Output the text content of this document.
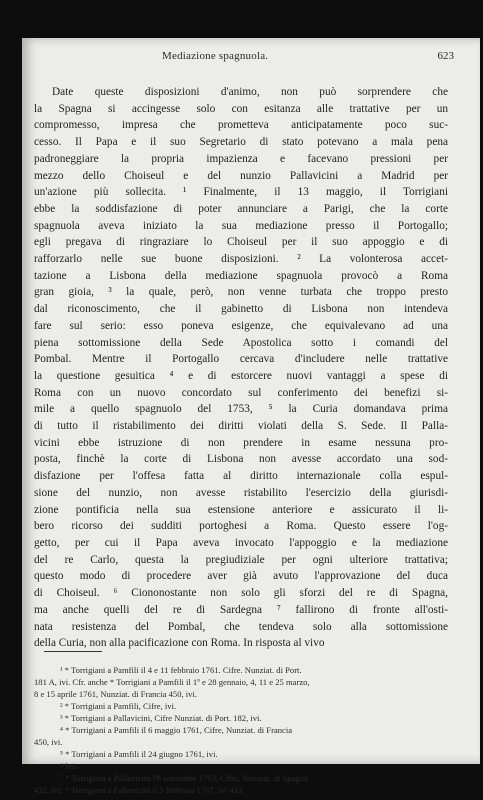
Mediazione spagnuola.	623
Date queste disposizioni d'animo, non può sorprendere che
la Spagna si accingesse solo con esitanza alle trattative per un
compromesso, impresa che prometteva anticipatamente poco suc-
cesso. Il Papa e il suo Segretario di stato potevano a mala pena
padroneggiare la propria impazienza e facevano pressioni per
mezzo dello Choiseul e del nunzio Pallavicini a Madrid per
un'azione più sollecita. ¹ Finalmente, il 13 maggio, il Torrigiani
ebbe la soddisfazione di poter annunciare a Parigi, che la corte
spagnuola aveva iniziato la sua mediazione presso il Portogallo;
egli pregava di ringraziare lo Choiseul per il suo appoggio e di
rafforzarlo nelle sue buone disposizioni. ² La volonterosa accet-
tazione a Lisbona della mediazione spagnuola provocò a Roma
gran gioia, ³ la quale, però, non venne turbata che troppo presto
dal riconoscimento, che il gabinetto di Lisbona non intendeva
fare sul serio: esso poneva esigenze, che equivalevano ad una
piena sottomissione della Sede Apostolica sotto i comandi del
Pombal. Mentre il Portogallo cercava d'includere nelle trattative
la questione gesuitica ⁴ e di estorcere nuovi vantaggi a spese di
Roma con un nuovo concordato sul conferimento dei benefizi si-
mile a quello spagnuolo del 1753, ⁵ la Curia domandava prima
di tutto il ristabilimento dei diritti violati della S. Sede. Il Palla-
vicini ebbe istruzione di non prendere in esame nessuna pro-
posta, finchè la corte di Lisbona non avesse accordato una sod-
disfazione per l'offesa fatta al diritto internazionale colla espul-
sione del nunzio, non avesse ristabilito l'esercizio della giurisdi-
zione pontificia nella sua estensione anteriore e assicurato il li-
bero ricorso dei sudditi portoghesi a Roma. Questo essere l'og-
getto, per cui il Papa aveva invocato l'appoggio e la mediazione
del re Carlo, questa la pregiudiziale per ogni ulteriore trattativa;
questo modo di procedere aver già avuto l'approvazione del duca
di Choiseul. ⁶ Ciononostante non solo gli sforzi del re di Spagna,
ma anche quelli del re di Sardegna ⁷ fallirono di fronte all'osti-
nata resistenza del Pombal, che tendeva solo alla sottomissione
della Curia, non alla pacificazione con Roma. In risposta al vivo
¹ * Torrigiani a Pamfili il 4 e 11 febbraio 1761. Cifre. Nunziat. di Port.
181 A, ivi. Cfr. anche * Torrigiani a Pamfili il 1º e 28 gennaio, 4, 11 e 25 marzo,
8 e 15 aprile 1761, Nunziat. di Francia 450, ivi.
² * Torrigiani a Pamfili, Cifre, ivi.
³ * Torrigiani a Pallavicini, Cifre Nunziat. di Port. 182, ivi.
⁴ * Torrigiani a Pamfili il 6 maggio 1761, Cifre, Nunziat. di Francia
450, ivi.
⁵ * Torrigiani a Pamfili il 24 giugno 1761, ivi.
⁶ Ivi.
⁷ * Torrigiani a Pallavicini l'8 settembre 1763, Cifre, Nunziat. di Spagna
432, ivi; * Torrigiani a Pallavicini il 5 febbraio 1767, ivi 433.
